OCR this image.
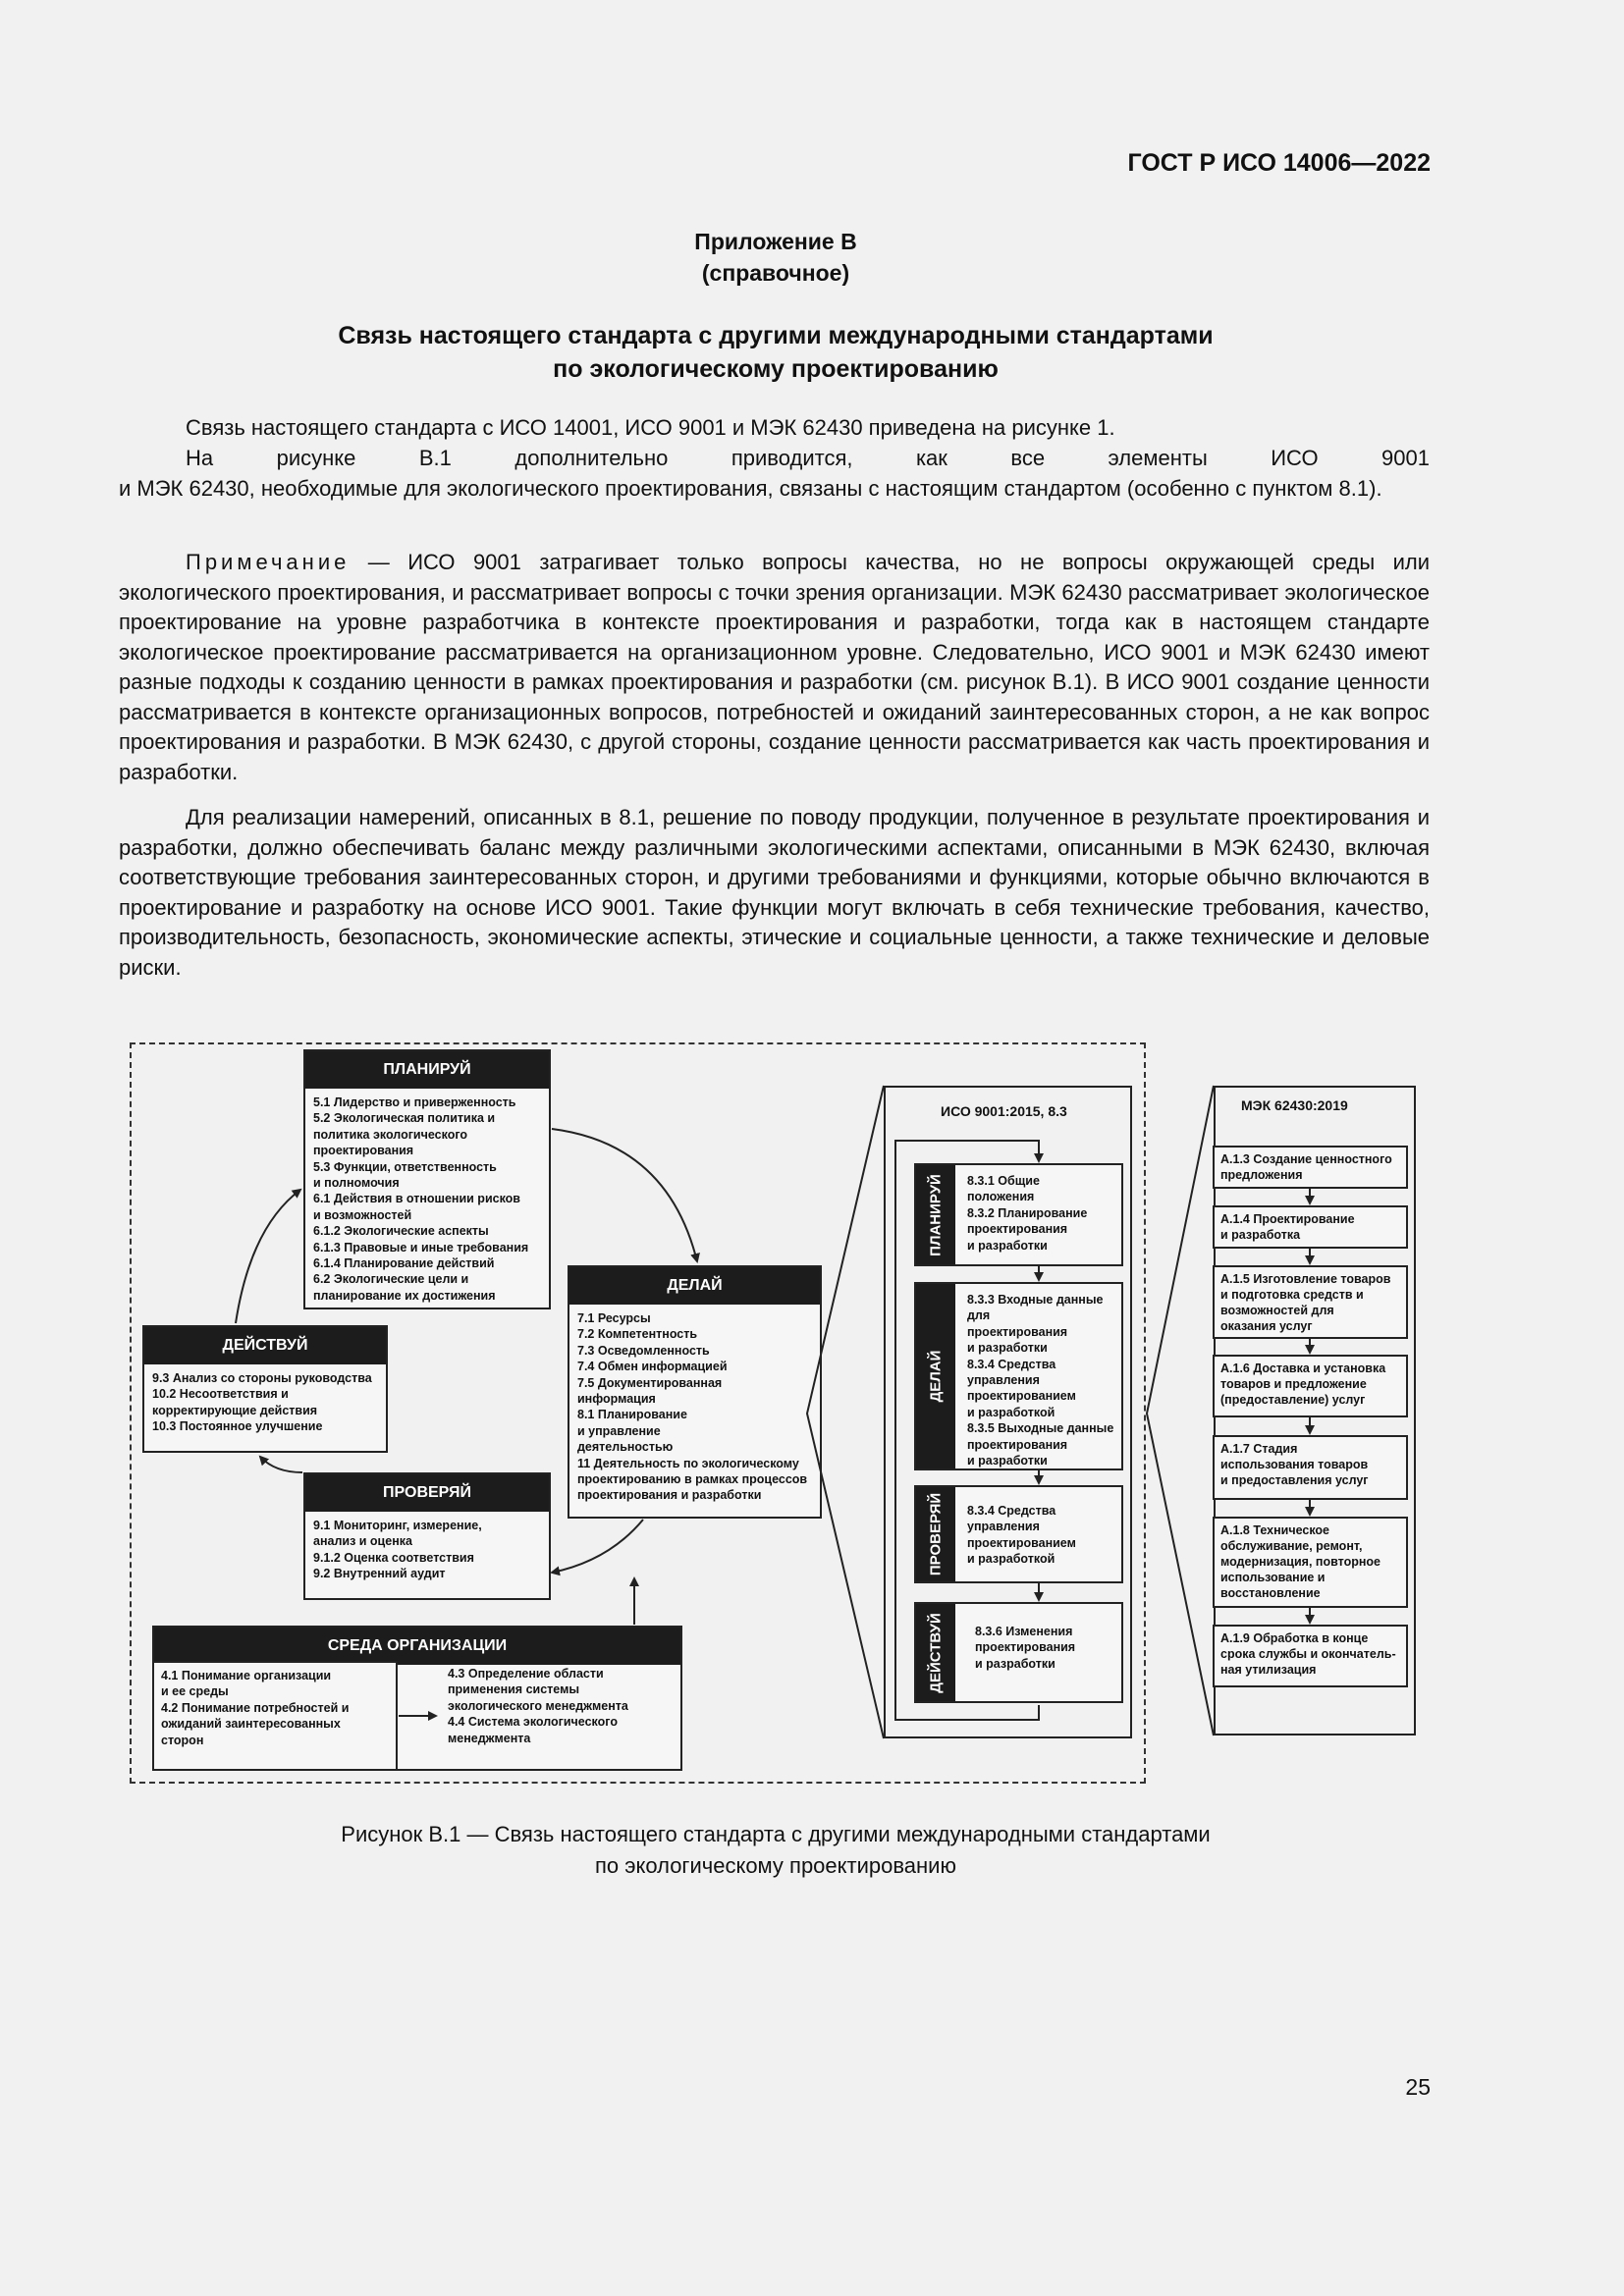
ГОСТ Р ИСО 14006—2022
Приложение В
(справочное)
Связь настоящего стандарта с другими международными стандартами
по экологическому проектированию

Связь настоящего стандарта с ИСО 14001, ИСО 9001 и МЭК 62430 приведена на рисунке 1.

На рисунке В.1 дополнительно приводится, как все элементы ИСО 9001

и МЭК 62430, необходимые для экологического проектирования, связаны с настоящим стандартом (особенно с пунктом 8.1).

Примечание — ИСО 9001 затрагивает только вопросы качества, но не вопросы окружающей среды или экологического проектирования, и рассматривает вопросы с точки зрения организации. МЭК 62430 рассматривает экологическое проектирование на уровне разработчика в контексте проектирования и разработки, тогда как в настоящем стандарте экологическое проектирование рассматривается на организационном уровне. Следовательно, ИСО 9001 и МЭК 62430 имеют разные подходы к созданию ценности в рамках проектирования и разработки (см. рисунок В.1). В ИСО 9001 создание ценности рассматривается в контексте организационных вопросов, потребностей и ожиданий заинтересованных сторон, а не как вопрос проектирования и разработки. В МЭК 62430, с другой стороны, создание ценности рассматривается как часть проектирования и разработки.

Для реализации намерений, описанных в 8.1, решение по поводу продукции, полученное в результате проектирования и разработки, должно обеспечивать баланс между различными экологическими аспектами, описанными в МЭК 62430, включая соответствующие требования заинтересованных сторон, и другими требованиями и функциями, которые обычно включаются в проектирование и разработку на основе ИСО 9001. Такие функции могут включать в себя технические требования, качество, производительность, безопасность, экономические аспекты, этические и социальные ценности, а также технические и деловые риски.

ПЛАНИРУЙ
5.1 Лидерство и приверженность
5.2 Экологическая политика и
политика экологического
проектирования
5.3 Функции, ответственность
и полномочия
6.1 Действия в отношении рисков
и возможностей
6.1.2 Экологические аспекты
6.1.3 Правовые и иные требования
6.1.4 Планирование действий
6.2 Экологические цели и
планирование их достижения
ДЕЛАЙ
7.1 Ресурсы
7.2 Компетентность
7.3 Осведомленность
7.4 Обмен информацией
7.5 Документированная
информация
8.1 Планирование
и управление
деятельностью
11 Деятельность по экологическому
проектированию в рамках процессов
проектирования и разработки
ДЕЙСТВУЙ
9.3 Анализ со стороны руководства
10.2 Несоответствия и
корректирующие действия
10.3 Постоянное улучшение
ПРОВЕРЯЙ
9.1 Мониторинг, измерение,
анализ и оценка
9.1.2 Оценка соответствия
9.2 Внутренний аудит
СРЕДА ОРГАНИЗАЦИИ
4.1 Понимание организации
и ее среды
4.2 Понимание потребностей и
ожиданий заинтересованных
сторон
4.3 Определение области
применения системы
экологического менеджмента
4.4 Система экологического
менеджмента
ИСО 9001:2015, 8.3
ПЛАНИРУЙ 8.3.1 Общие
положения
8.3.2 Планирование
проектирования
и разработки
ДЕЛАЙ
8.3.3 Входные данные
для
проектирования
и разработки
8.3.4 Средства
управления
проектированием
и разработкой
8.3.5 Выходные данные
проектирования
и разработки
ПРОВЕРЯЙ 8.3.4 Средства
управления
проектированием
и разработкой
ДЕЙСТВУЙ	8.3.6 Изменения
проектирования
и разработки
МЭК 62430:2019
A.1.3 Создание ценностного
предложения
A.1.4 Проектирование
и разработка
A.1.5 Изготовление товаров
и подготовка средств и
возможностей для
оказания услуг
A.1.6 Доставка и установка
товаров и предложение
(предоставление) услуг
A.1.7 Стадия
использования товаров
и предоставления услуг
A.1.8 Техническое
обслуживание, ремонт,
модернизация, повторное
использование и
восстановление
A.1.9 Обработка в конце
срока службы и окончатель-
ная утилизация
Рисунок В.1 — Связь настоящего стандарта с другими международными стандартами
по экологическому проектированию
25
